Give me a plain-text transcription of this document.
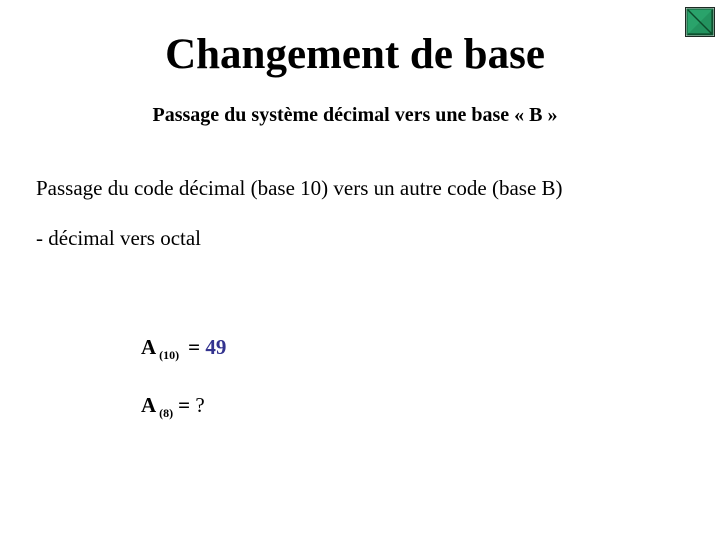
Changement de base
Passage du système décimal vers une base « B »
Passage du code décimal (base 10) vers un autre code (base B)
- décimal vers octal
A $_{(10)}$ = 49
A $_{(8)}$ = ?
